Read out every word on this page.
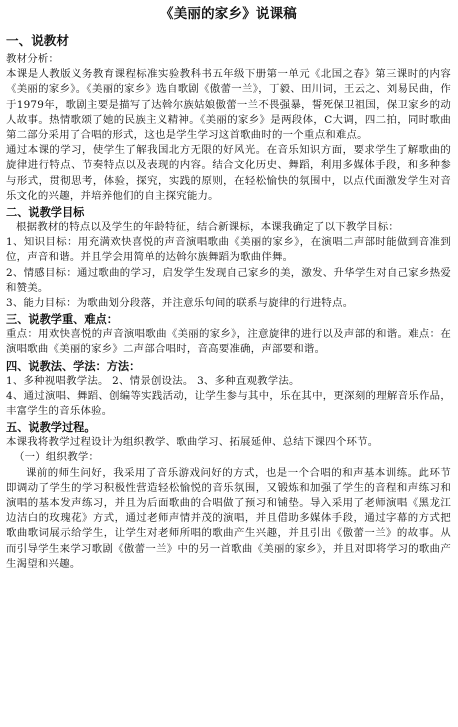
《美丽的家乡》说课稿
一、说教材

教材分析：

本课是人教版义务教育课程标准实验教科书五年级下册第一单元《北国之春》第三课时的内容《美丽的家乡》。《美丽的家乡》选自歌剧《傲蕾一兰》，丁毅、田川词，王云之、刘易民曲，作于1979年，歌剧主要是描写了达斡尔族姑娘傲蕾一兰不畏强暴，誓死保卫祖国，保卫家乡的动人故事。热情歌颂了她的民族主义精神。《美丽的家乡》是两段体，C大调，四二拍，同时歌曲第二部分采用了合唱的形式，这也是学生学习这首歌曲时的一个重点和难点。

通过本课的学习，使学生了解我国北方无限的好风光。在音乐知识方面，要求学生了解歌曲的旋律进行特点、节奏特点以及表现的内容。结合文化历史、舞蹈，利用多媒体手段，和多种参与形式，贯彻思考，体验，探究，实践的原则，在轻松愉快的氛围中，以点代面激发学生对音乐文化的兴趣，并培养他们的自主探究能力。

二、说教学目标

根据教材的特点以及学生的年龄特征，结合新课标，本课我确定了以下教学目标：

1、知识目标：用充满欢快喜悦的声音演唱歌曲《美丽的家乡》，在演唱二声部时能做到音准到位，声音和谐。并且学会用简单的达斡尔族舞蹈为歌曲伴舞。

2、情感目标：通过歌曲的学习，启发学生发现自己家乡的美，激发、升华学生对自己家乡热爱和赞美。

3、能力目标：为歌曲划分段落，并注意乐句间的联系与旋律的行进特点。

三、说教学重、难点：

重点：用欢快喜悦的声音演唱歌曲《美丽的家乡》，注意旋律的进行以及声部的和谐。难点：在演唱歌曲《美丽的家乡》二声部合唱时，音高要准确，声部要和谐。

四、说教法、学法：方法：

1、多种视唱教学法。 2、情景创设法。 3、多种直观教学法。

4、通过演唱、舞蹈、创编等实践活动，让学生参与其中，乐在其中，更深刻的理解音乐作品，丰富学生的音乐体验。

五、说教学过程。

本课我将教学过程设计为组织教学、歌曲学习、拓展延伸、总结下课四个环节。

（一）组织教学：

课前的师生问好，我采用了音乐游戏问好的方式，也是一个合唱的和声基本训练。此环节即调动了学生的学习积极性营造轻松愉悦的音乐氛围，又锻炼和加强了学生的音程和声练习和演唱的基本发声练习，并且为后面歌曲的合唱做了预习和铺垫。导入采用了老师演唱《黑龙江边洁白的玫瑰花》方式，通过老师声情并茂的演唱，并且借助多媒体手段，通过字幕的方式把歌曲歌词展示给学生，让学生对老师所唱的歌曲产生兴趣，并且引出《傲蕾一兰》的故事。从而引导学生来学习歌剧《傲蕾一兰》中的另一首歌曲《美丽的家乡》，并且对即将学习的歌曲产生渴望和兴趣。
